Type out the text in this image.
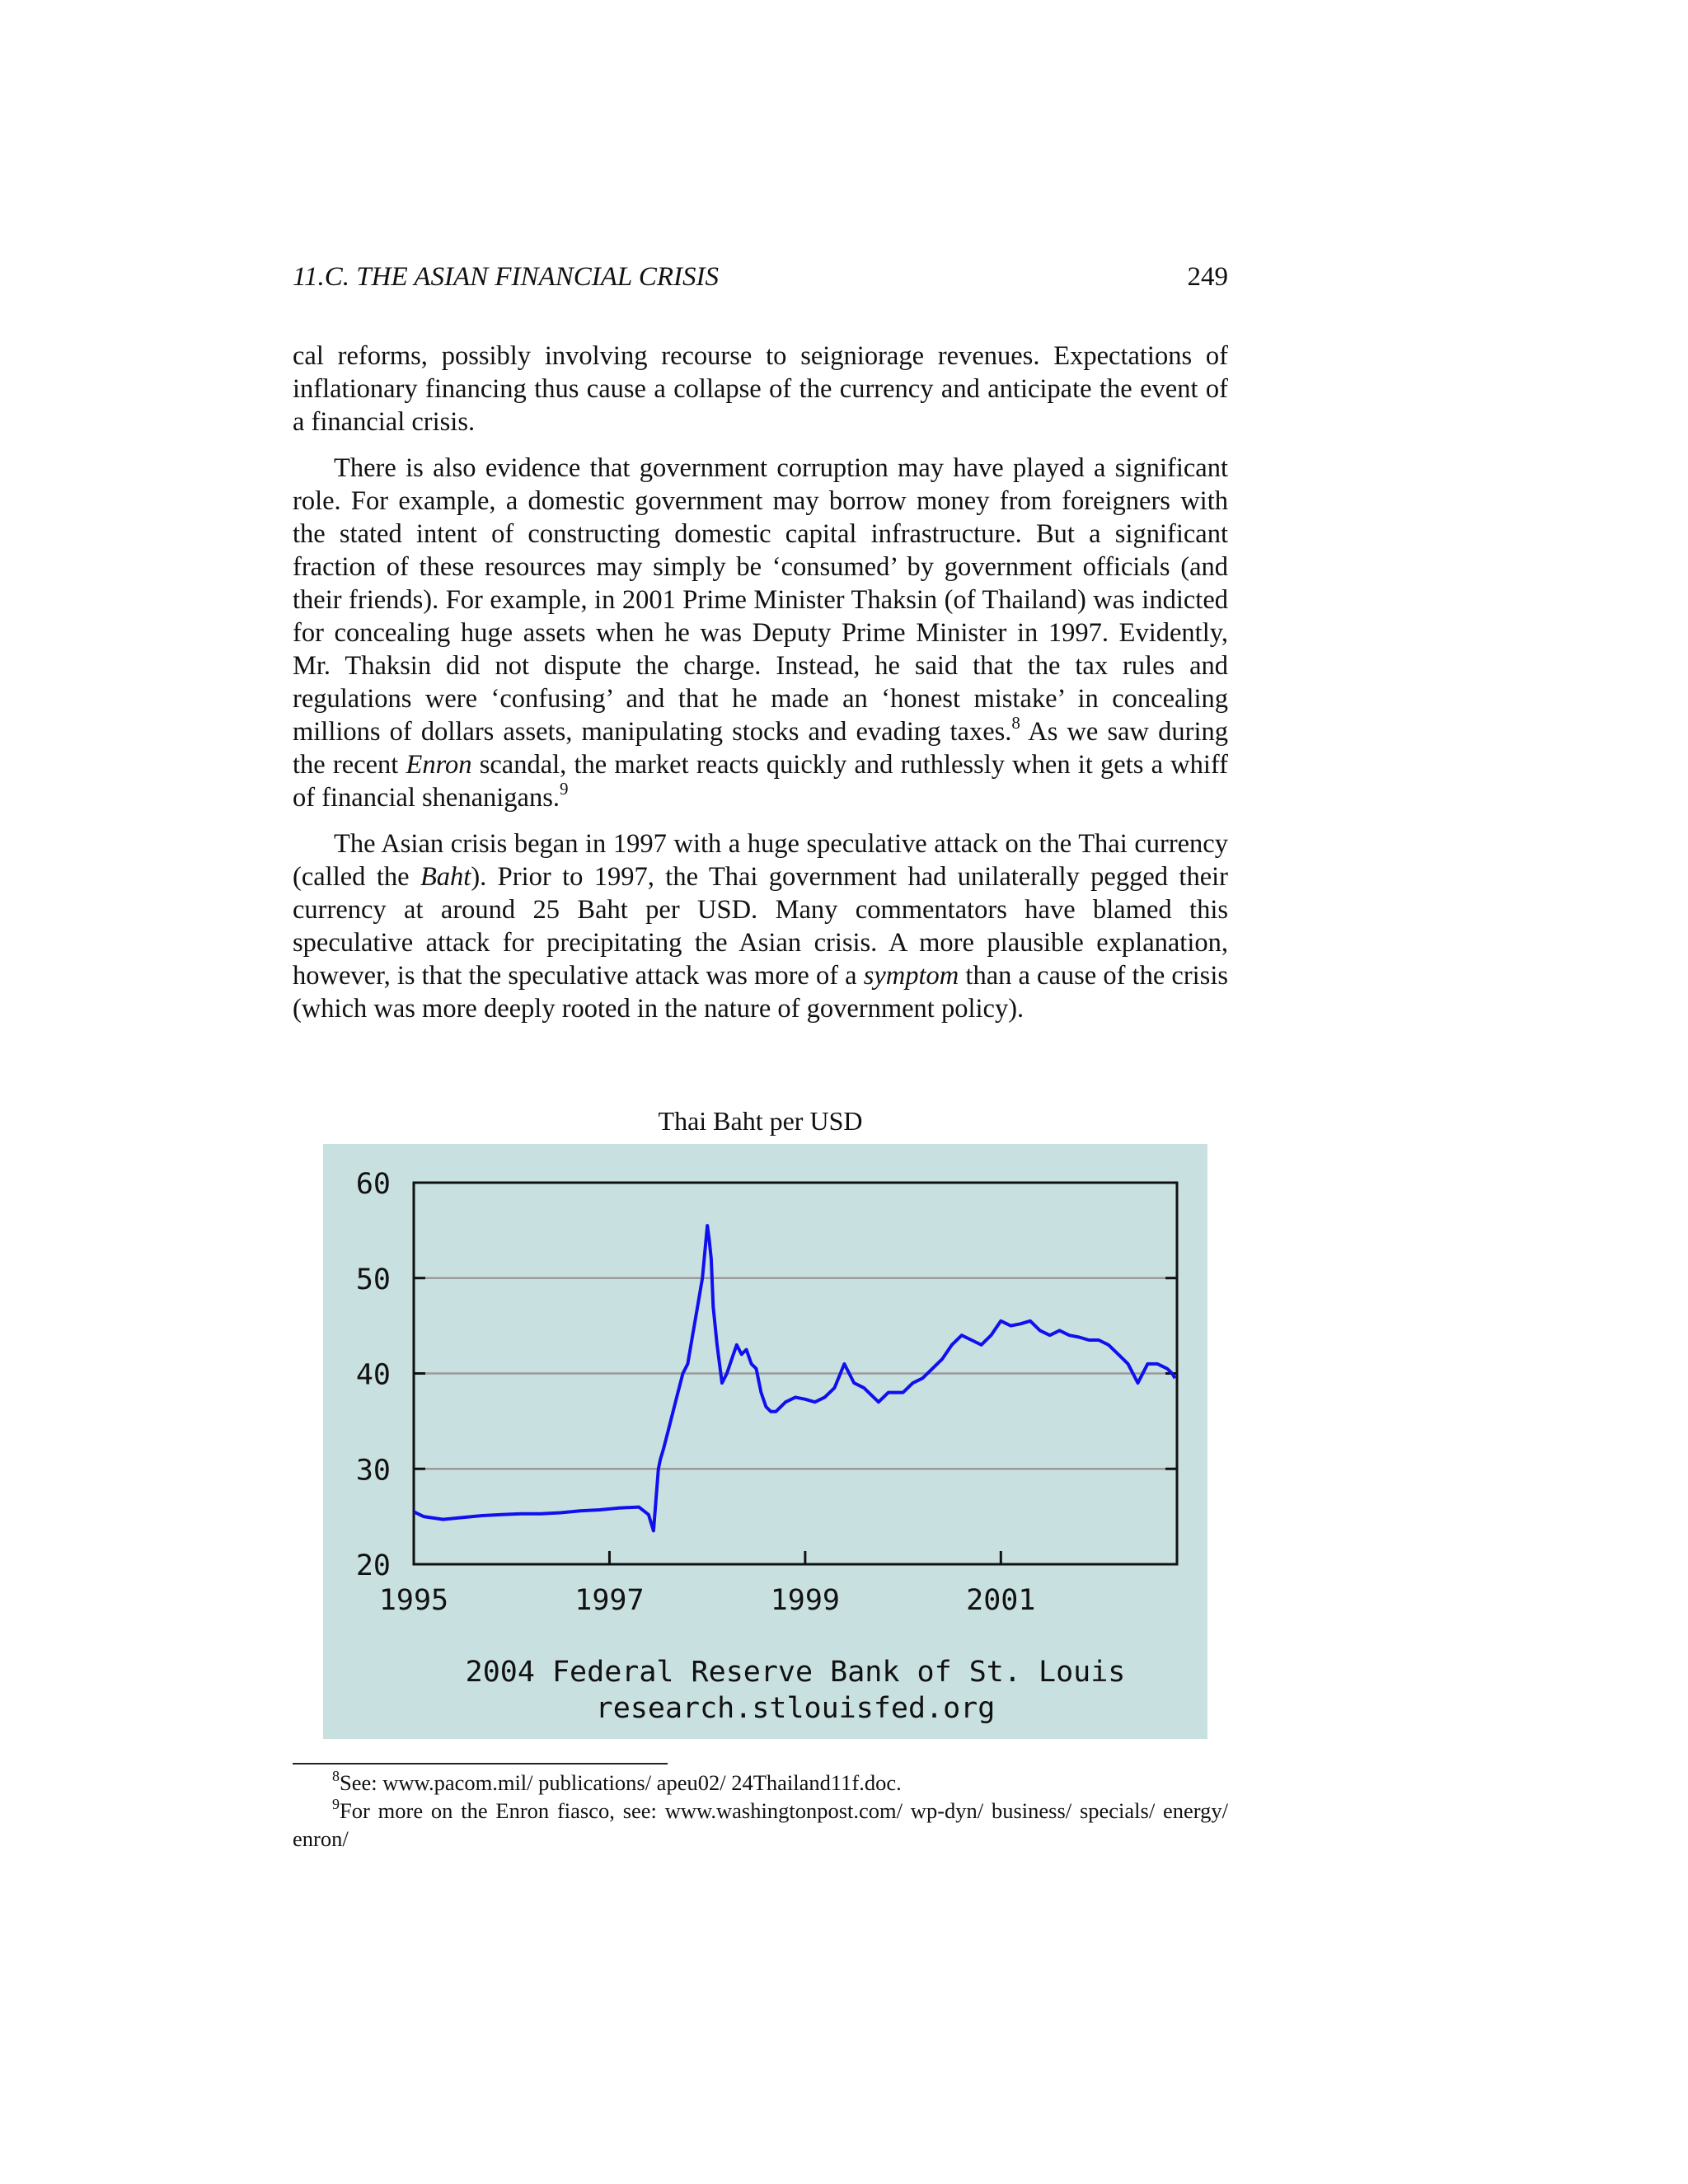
11.C. THE ASIAN FINANCIAL CRISIS	249

cal reforms, possibly involving recourse to seigniorage revenues. Expectations of inflationary financing thus cause a collapse of the currency and anticipate the event of a financial crisis.

There is also evidence that government corruption may have played a significant role. For example, a domestic government may borrow money from foreigners with the stated intent of constructing domestic capital infrastructure. But a significant fraction of these resources may simply be ‘consumed’ by government officials (and their friends). For example, in 2001 Prime Minister Thaksin (of Thailand) was indicted for concealing huge assets when he was Deputy Prime Minister in 1997. Evidently, Mr. Thaksin did not dispute the charge. Instead, he said that the tax rules and regulations were ‘confusing’ and that he made an ‘honest mistake’ in concealing millions of dollars assets, manipulating stocks and evading taxes.$^8$ As we saw during the recent Enron scandal, the market reacts quickly and ruthlessly when it gets a whiff of financial shenanigans.$^9$

The Asian crisis began in 1997 with a huge speculative attack on the Thai currency (called the Baht). Prior to 1997, the Thai government had unilaterally pegged their currency at around 25 Baht per USD. Many commentators have blamed this speculative attack for precipitating the Asian crisis. A more plausible explanation, however, is that the speculative attack was more of a symptom than a cause of the crisis (which was more deeply rooted in the nature of government policy).

Thai Baht per USD
20
30
40
50
60
1995	1997	1999	2001
2004 Federal Reserve Bank of St. Louis
research.stlouisfed.org

$^8$See: www.pacom.mil/ publications/ apeu02/ 24Thailand11f.doc.

$^9$For more on the Enron fiasco, see: www.washingtonpost.com/ wp-dyn/ business/ specials/ energy/ enron/
